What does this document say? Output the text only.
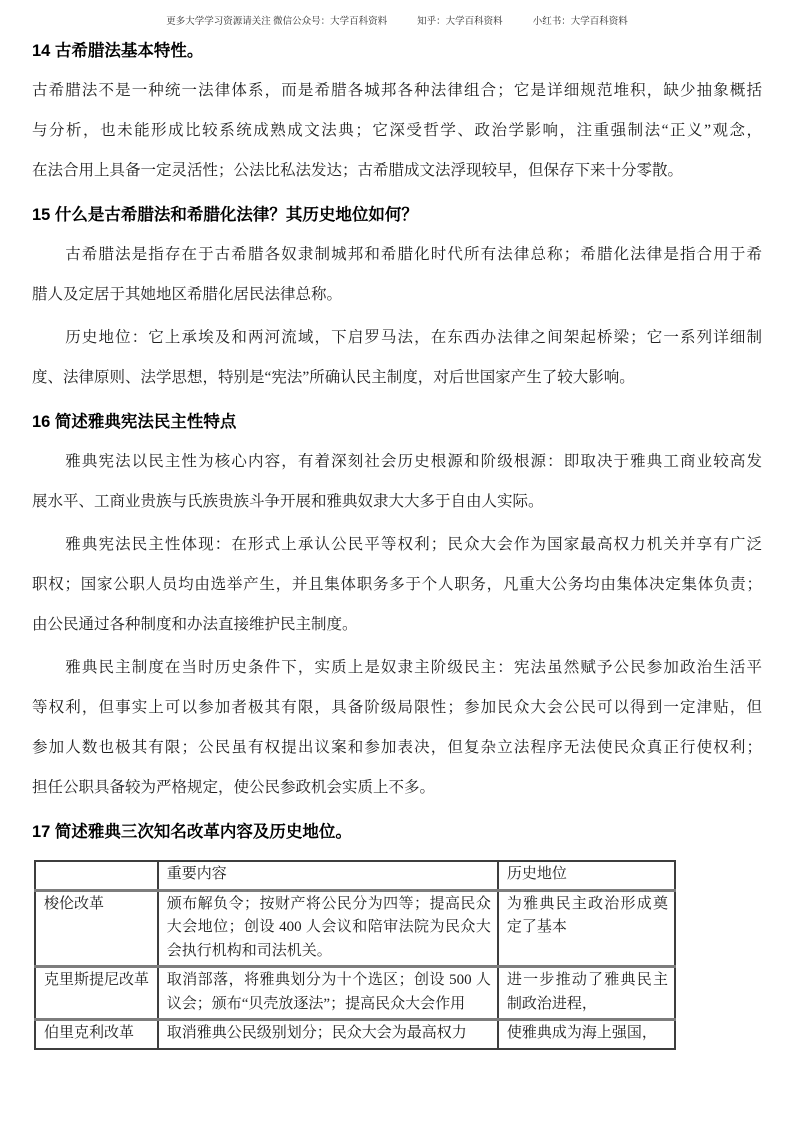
更多大学学习资源请关注 微信公众号：大学百科资料	知乎：大学百科资料	小红书：大学百科资料
14 古希腊法基本特性。
古希腊法不是一种统一法律体系，而是希腊各城邦各种法律组合；它是详细规范堆积，缺少抽象概括
与分析，也未能形成比较系统成熟成文法典；它深受哲学、政治学影响，注重强制法“正义”观念，
在法合用上具备一定灵活性；公法比私法发达；古希腊成文法浮现较早，但保存下来十分零散。
15 什么是古希腊法和希腊化法律？其历史地位如何？
　　古希腊法是指存在于古希腊各奴隶制城邦和希腊化时代所有法律总称；希腊化法律是指合用于希
腊人及定居于其她地区希腊化居民法律总称。
　　历史地位：它上承埃及和两河流域，下启罗马法，在东西办法律之间架起桥梁；它一系列详细制
度、法律原则、法学思想，特别是“宪法”所确认民主制度，对后世国家产生了较大影响。
16 简述雅典宪法民主性特点
　　雅典宪法以民主性为核心内容，有着深刻社会历史根源和阶级根源：即取决于雅典工商业较高发
展水平、工商业贵族与氏族贵族斗争开展和雅典奴隶大大多于自由人实际。
　　雅典宪法民主性体现：在形式上承认公民平等权利；民众大会作为国家最高权力机关并享有广泛
职权；国家公职人员均由选举产生，并且集体职务多于个人职务，凡重大公务均由集体决定集体负责；
由公民通过各种制度和办法直接维护民主制度。
　　雅典民主制度在当时历史条件下，实质上是奴隶主阶级民主：宪法虽然赋予公民参加政治生活平
等权利，但事实上可以参加者极其有限，具备阶级局限性；参加民众大会公民可以得到一定津贴，但
参加人数也极其有限；公民虽有权提出议案和参加表决，但复杂立法程序无法使民众真正行使权利；
担任公职具备较为严格规定，使公民参政机会实质上不多。
17 简述雅典三次知名改革内容及历史地位。
	重要内容	历史地位
梭伦改革	颁布解负令；按财产将公民分为四等；提高民众大会地位；创设 400 人会议和陪审法院为民众大会执行机构和司法机关。	为雅典民主政治形成奠定了基本
克里斯提尼改革	取消部落，将雅典划分为十个选区；创设 500 人议会；颁布“贝壳放逐法”；提高民众大会作用	进一步推动了雅典民主制政治进程，
伯里克利改革	取消雅典公民级别划分；民众大会为最高权力	使雅典成为海上强国，
